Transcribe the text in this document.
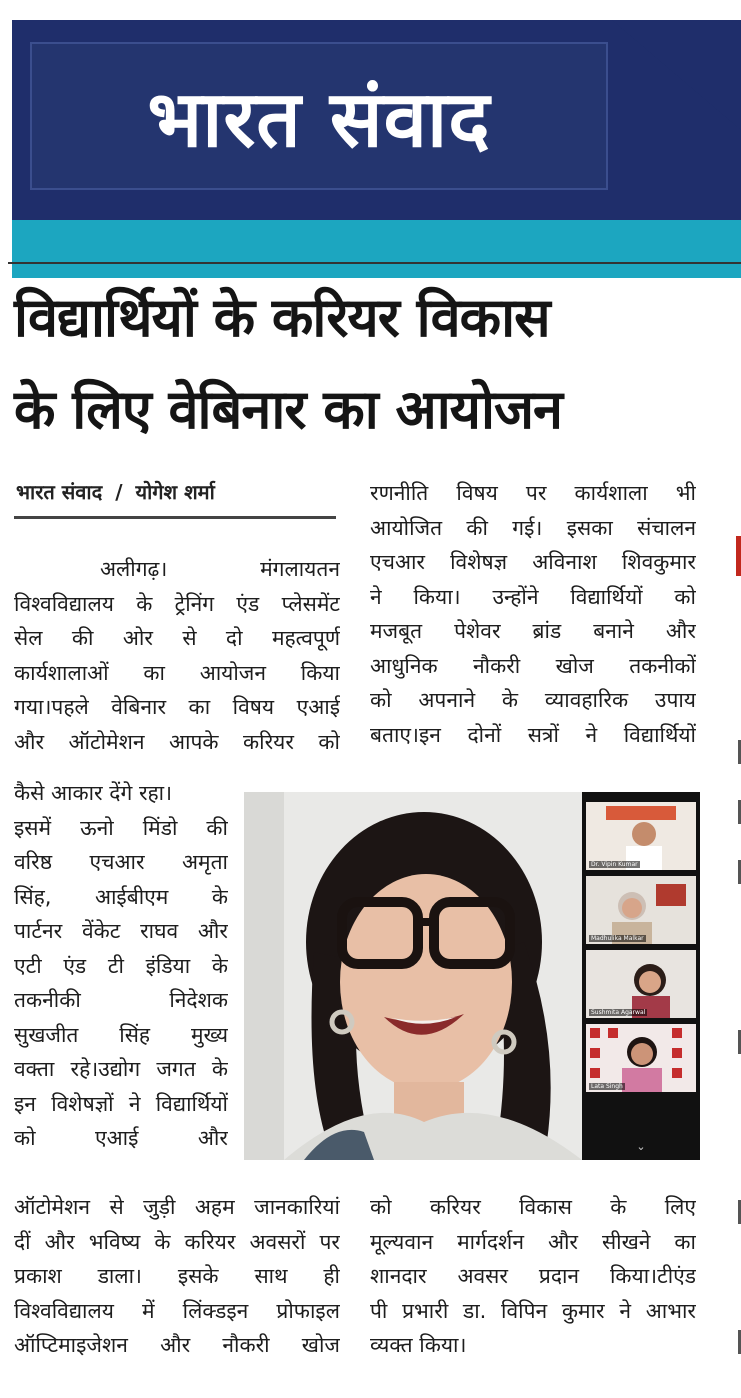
भारत संवाद
विद्यार्थियों के करियर विकास
के लिए वेबिनार का आयोजन
भारत संवाद / योगेश शर्मा

अलीगढ़। मंगलायतन

विश्वविद्यालय के ट्रेनिंग एंड प्लेसमेंट

सेल की ओर से दो महत्वपूर्ण

कार्यशालाओं का आयोजन किया

गया।पहले वेबिनार का विषय एआई

और ऑटोमेशन आपके करियर को

कैसे आकार देंगे रहा।

इसमें ऊनो मिंडो की

वरिष्ठ एचआर अमृता

सिंह, आईबीएम के

पार्टनर वेंकेट राघव और

एटी एंड टी इंडिया के

तकनीकी निदेशक

सुखजीत सिंह मुख्य

वक्ता रहे।उद्योग जगत के

इन विशेषज्ञों ने विद्यार्थियों

को एआई और

ऑटोमेशन से जुड़ी अहम जानकारियां

दीं और भविष्य के करियर अवसरों पर

प्रकाश डाला। इसके साथ ही

विश्वविद्यालय में लिंक्डइन प्रोफाइल

ऑप्टिमाइजेशन और नौकरी खोज

रणनीति विषय पर कार्यशाला भी

आयोजित की गई। इसका संचालन

एचआर विशेषज्ञ अविनाश शिवकुमार

ने किया। उन्होंने विद्यार्थियों को

मजबूत पेशेवर ब्रांड बनाने और

आधुनिक नौकरी खोज तकनीकों

को अपनाने के व्यावहारिक उपाय

बताए।इन दोनों सत्रों ने विद्यार्थियों

को करियर विकास के लिए

मूल्यवान मार्गदर्शन और सीखने का

शानदार अवसर प्रदान किया।टीएंड

पी प्रभारी डा. विपिन कुमार ने आभार

व्यक्त किया।

Dr. Vipin Kumar
Madhulika Malkar
Sushmita Agarwal
Lata Singh
⌄
